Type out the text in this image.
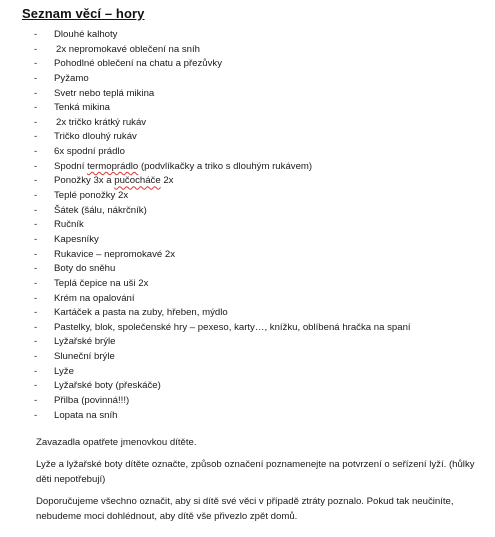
Seznam věcí – hory
- Dlouhé kalhoty
- 2x nepromokavé oblečení na sníh
- Pohodlné oblečení na chatu a přezůvky
- Pyžamo
- Svetr nebo teplá mikina
- Tenká mikina
- 2x tričko krátký rukáv
- Tričko dlouhý rukáv
- 6x spodní prádlo
- Spodní termoprádlo (podvlíkačky a triko s dlouhým rukávem)
- Ponožky 3x a pučocháče 2x
- Teplé ponožky 2x
- Šátek (šálu, nákrčník)
- Ručník
- Kapesníky
- Rukavice – nepromokavé 2x
- Boty do sněhu
- Teplá čepice na uši 2x
- Krém na opalování
- Kartáček a pasta na zuby, hřeben, mýdlo
- Pastelky, blok, společenské hry – pexeso, karty…, knížku, oblíbená hračka na spaní
- Lyžařské brýle
- Sluneční brýle
- Lyže
- Lyžařské boty (přeskáče)
- Přilba (povinná!!!)
- Lopata na sníh

Zavazadla opatřete jmenovkou dítěte.

Lyže a lyžařské boty dítěte označte, způsob označení poznamenejte na potvrzení o seřízení lyží. (hůlky děti nepotřebují)

Doporučujeme všechno označit, aby si dítě své věci v případě ztráty poznalo. Pokud tak neučiníte, nebudeme moci dohlédnout, aby dítě vše přivezlo zpět domů.
